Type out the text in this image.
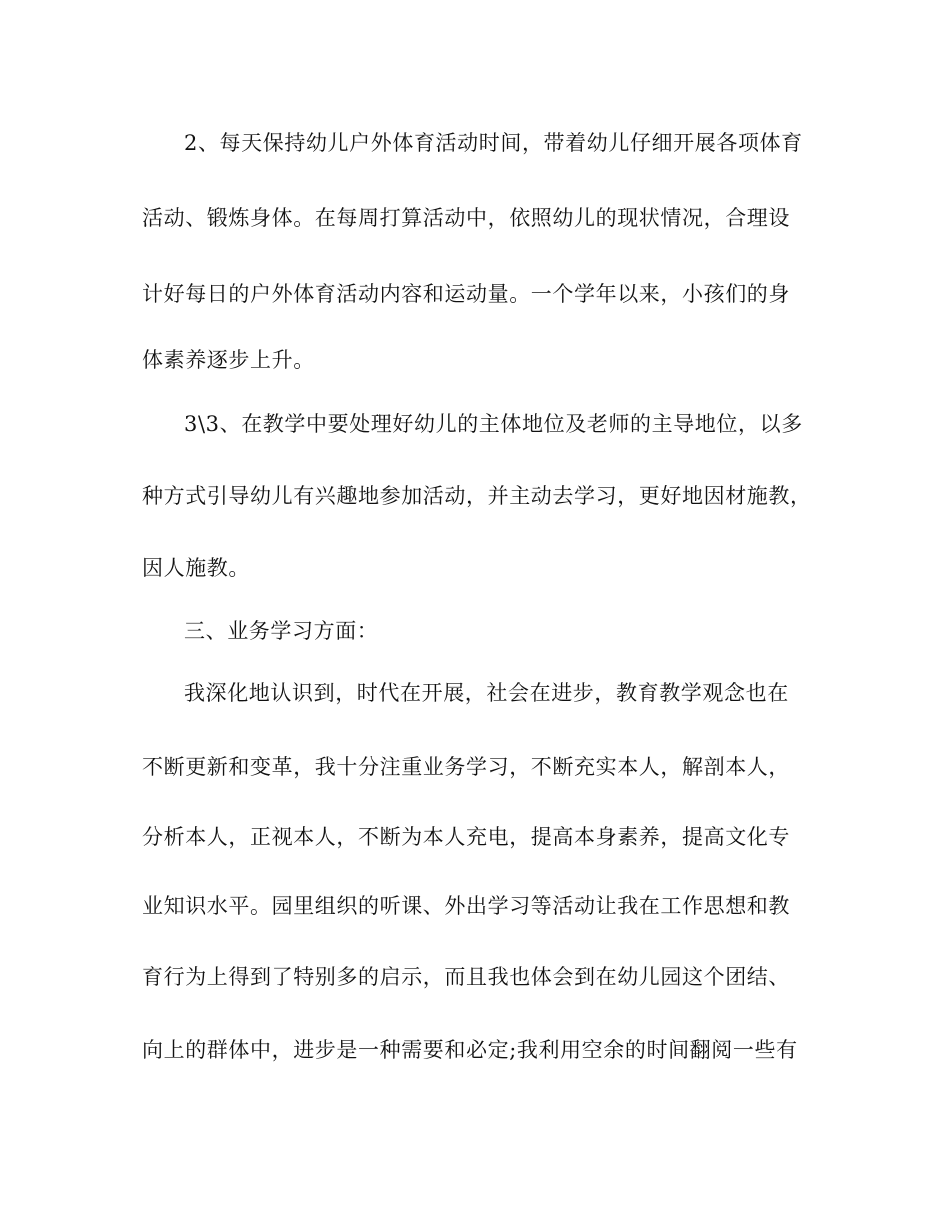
2、每天保持幼儿户外体育活动时间，带着幼儿仔细开展各项体育
活动、锻炼身体。在每周打算活动中，依照幼儿的现状情况，合理设
计好每日的户外体育活动内容和运动量。一个学年以来，小孩们的身
体素养逐步上升。
3\3、在教学中要处理好幼儿的主体地位及老师的主导地位，以多
种方式引导幼儿有兴趣地参加活动，并主动去学习，更好地因材施教，
因人施教。
三、业务学习方面：
我深化地认识到，时代在开展，社会在进步，教育教学观念也在
不断更新和变革，我十分注重业务学习，不断充实本人，解剖本人，
分析本人，正视本人，不断为本人充电，提高本身素养，提高文化专
业知识水平。园里组织的听课、外出学习等活动让我在工作思想和教
育行为上得到了特别多的启示，而且我也体会到在幼儿园这个团结、
向上的群体中，进步是一种需要和必定;我利用空余的时间翻阅一些有
